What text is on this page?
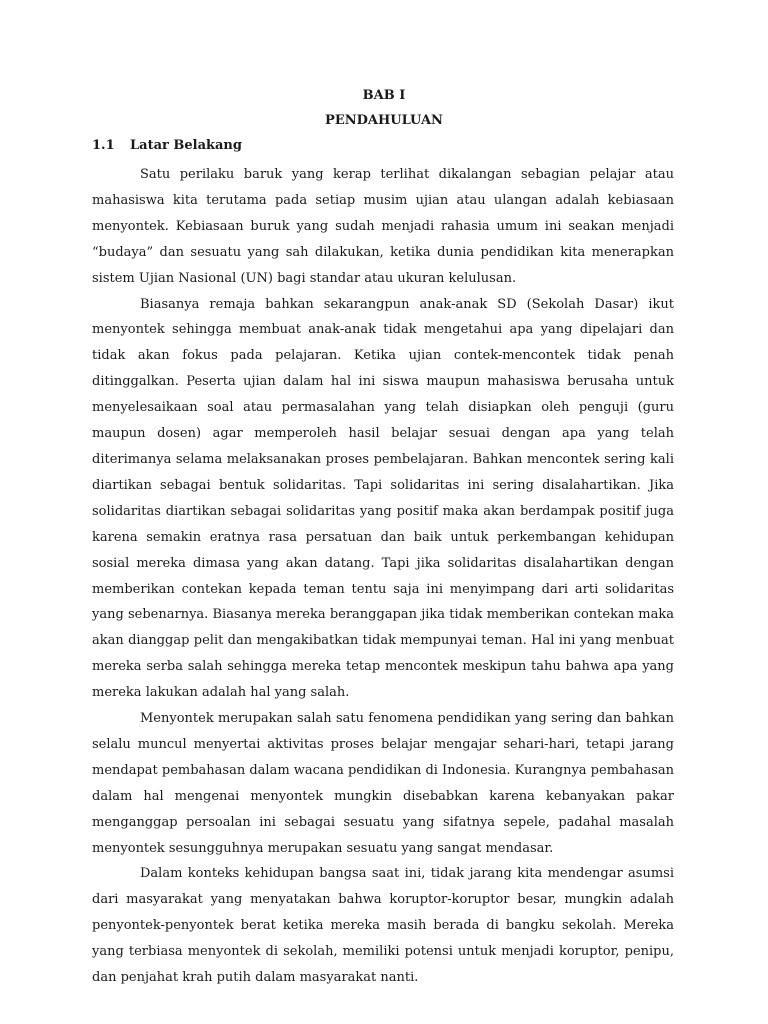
BAB I
PENDAHULUAN
1.1 Latar Belakang

Satu perilaku baruk yang kerap terlihat dikalangan sebagian pelajar atau mahasiswa kita terutama pada setiap musim ujian atau ulangan adalah kebiasaan menyontek. Kebiasaan buruk yang sudah menjadi rahasia umum ini seakan menjadi “budaya” dan sesuatu yang sah dilakukan, ketika dunia pendidikan kita menerapkan sistem Ujian Nasional (UN) bagi standar atau ukuran kelulusan.

Biasanya remaja bahkan sekarangpun anak-anak SD (Sekolah Dasar) ikut menyontek sehingga membuat anak-anak tidak mengetahui apa yang dipelajari dan tidak akan fokus pada pelajaran. Ketika ujian contek-mencontek tidak penah ditinggalkan. Peserta ujian dalam hal ini siswa maupun mahasiswa berusaha untuk menyelesaikaan soal atau permasalahan yang telah disiapkan oleh penguji (guru maupun dosen) agar memperoleh hasil belajar sesuai dengan apa yang telah diterimanya selama melaksanakan proses pembelajaran. Bahkan mencontek sering kali diartikan sebagai bentuk solidaritas. Tapi solidaritas ini sering disalahartikan. Jika solidaritas diartikan sebagai solidaritas yang positif maka akan berdampak positif juga karena semakin eratnya rasa persatuan dan baik untuk perkembangan kehidupan sosial mereka dimasa yang akan datang. Tapi jika solidaritas disalahartikan dengan memberikan contekan kepada teman tentu saja ini menyimpang dari arti solidaritas yang sebenarnya. Biasanya mereka beranggapan jika tidak memberikan contekan maka akan dianggap pelit dan mengakibatkan tidak mempunyai teman. Hal ini yang menbuat mereka serba salah sehingga mereka tetap mencontek meskipun tahu bahwa apa yang mereka lakukan adalah hal yang salah.

Menyontek merupakan salah satu fenomena pendidikan yang sering dan bahkan selalu muncul menyertai aktivitas proses belajar mengajar sehari-hari, tetapi jarang mendapat pembahasan dalam wacana pendidikan di Indonesia. Kurangnya pembahasan dalam hal mengenai menyontek mungkin disebabkan karena kebanyakan pakar menganggap persoalan ini sebagai sesuatu yang sifatnya sepele, padahal masalah menyontek sesungguhnya merupakan sesuatu yang sangat mendasar.

Dalam konteks kehidupan bangsa saat ini, tidak jarang kita mendengar asumsi dari masyarakat yang menyatakan bahwa koruptor-koruptor besar, mungkin adalah penyontek-penyontek berat ketika mereka masih berada di bangku sekolah. Mereka yang terbiasa menyontek di sekolah, memiliki potensi untuk menjadi koruptor, penipu, dan penjahat krah putih dalam masyarakat nanti.
